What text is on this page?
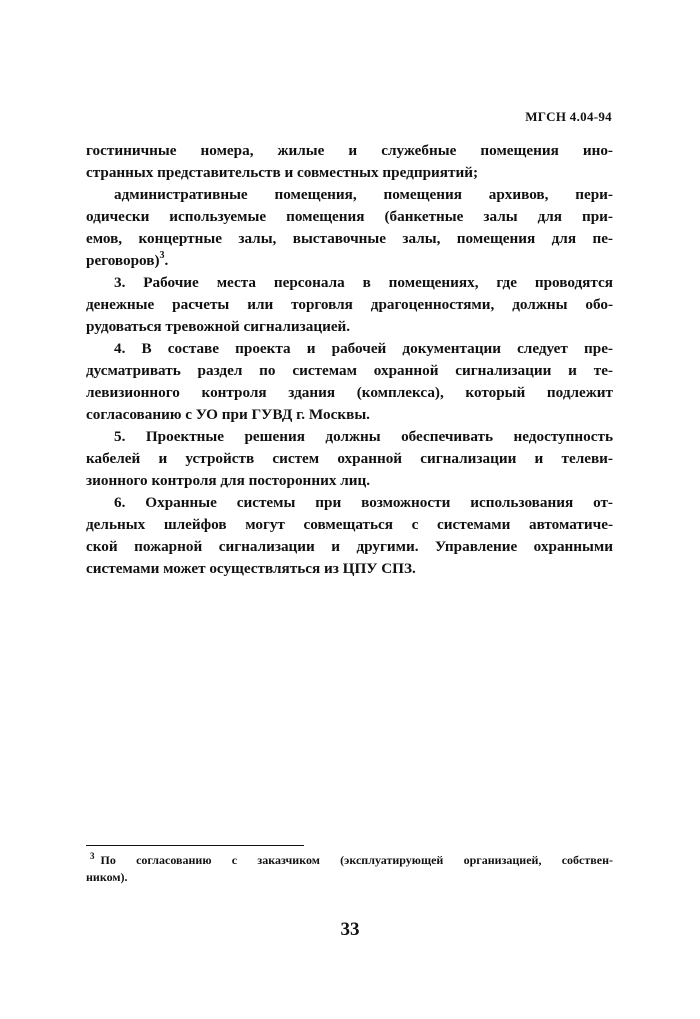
МГСН 4.04-94
гостиничные номера, жилые и служебные помещения ино-
странных представительств и совместных предприятий;
административные помещения, помещения архивов, пери-
одически используемые помещения (банкетные залы для при-
емов, концертные залы, выставочные залы, помещения для пе-
реговоров)$^3$.
3. Рабочие места персонала в помещениях, где проводятся
денежные расчеты или торговля драгоценностями, должны обо-
рудоваться тревожной сигнализацией.
4. В составе проекта и рабочей документации следует пре-
дусматривать раздел по системам охранной сигнализации и те-
левизионного контроля здания (комплекса), который подлежит
согласованию с УО при ГУВД г. Москвы.
5. Проектные решения должны обеспечивать недоступность
кабелей и устройств систем охранной сигнализации и телеви-
зионного контроля для посторонних лиц.
6. Охранные системы при возможности использования от-
дельных шлейфов могут совмещаться с системами автоматиче-
ской пожарной сигнализации и другими. Управление охранными
системами может осуществляться из ЦПУ СПЗ.
$^3$ По согласованию с заказчиком (эксплуатирующей организацией, собствен-
ником).
33
